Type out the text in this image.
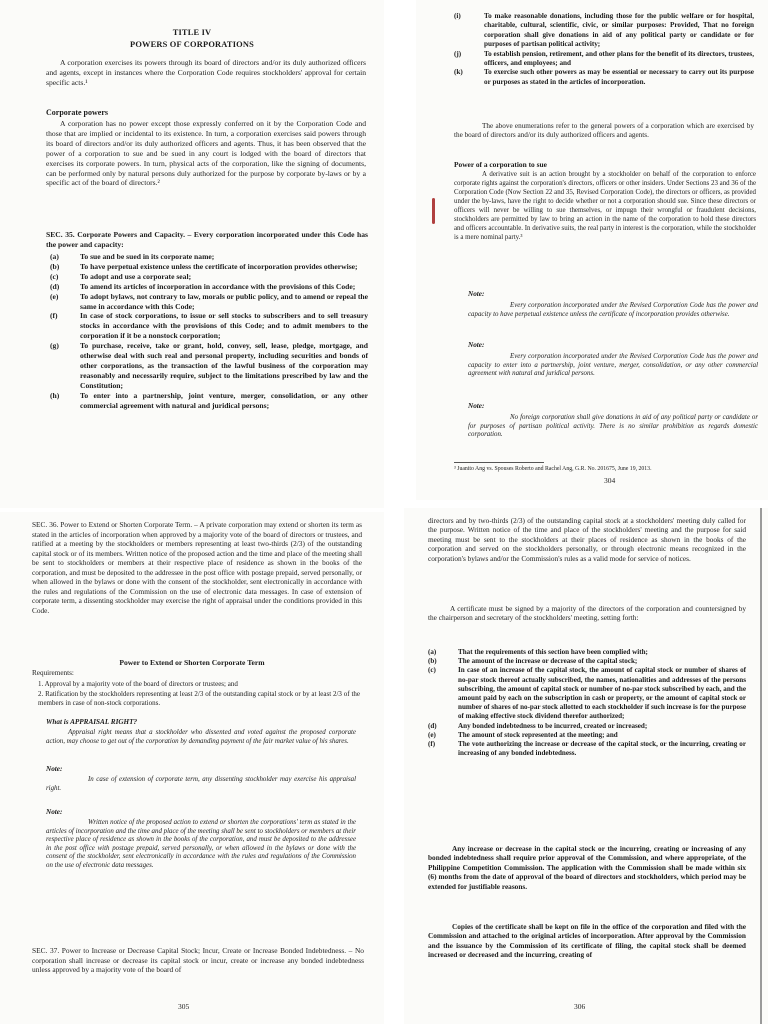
TITLE IV
POWERS OF CORPORATIONS
A corporation exercises its powers through its board of directors and/or its duly authorized officers and agents, except in instances where the Corporation Code requires stockholders' approval for certain specific acts.¹
Corporate powers
A corporation has no power except those expressly conferred on it by the Corporation Code and those that are implied or incidental to its existence. In turn, a corporation exercises said powers through its board of directors and/or its duly authorized officers and agents. Thus, it has been observed that the power of a corporation to sue and be sued in any court is lodged with the board of directors that exercises its corporate powers. In turn, physical acts of the corporation, like the signing of documents, can be performed only by natural persons duly authorized for the purpose by corporate by-laws or by a specific act of the board of directors.²
SEC. 35. Corporate Powers and Capacity. – Every corporation incorporated under this Code has the power and capacity:
(a)	To sue and be sued in its corporate name;
(b)	To have perpetual existence unless the certificate of incorporation provides otherwise;
(c)	To adopt and use a corporate seal;
(d)	To amend its articles of incorporation in accordance with the provisions of this Code;
(e)	To adopt bylaws, not contrary to law, morals or public policy, and to amend or repeal the same in accordance with this Code;
(f)	In case of stock corporations, to issue or sell stocks to subscribers and to sell treasury stocks in accordance with the provisions of this Code; and to admit members to the corporation if it be a nonstock corporation;
(g)	To purchase, receive, take or grant, hold, convey, sell, lease, pledge, mortgage, and otherwise deal with such real and personal property, including securities and bonds of other corporations, as the transaction of the lawful business of the corporation may reasonably and necessarily require, subject to the limitations prescribed by law and the Constitution;
(h)	To enter into a partnership, joint venture, merger, consolidation, or any other commercial agreement with natural and juridical persons;
(i)	To make reasonable donations, including those for the public welfare or for hospital, charitable, cultural, scientific, civic, or similar purposes: Provided, That no foreign corporation shall give donations in aid of any political party or candidate or for purposes of partisan political activity;
(j)	To establish pension, retirement, and other plans for the benefit of its directors, trustees, officers, and employees; and
(k)	To exercise such other powers as may be essential or necessary to carry out its purpose or purposes as stated in the articles of incorporation.
The above enumerations refer to the general powers of a corporation which are exercised by the board of directors and/or its duly authorized officers and agents.
Power of a corporation to sue
A derivative suit is an action brought by a stockholder on behalf of the corporation to enforce corporate rights against the corporation's directors, officers or other insiders. Under Sections 23 and 36 of the Corporation Code (Now Section 22 and 35, Revised Corporation Code), the directors or officers, as provided under the by-laws, have the right to decide whether or not a corporation should sue. Since these directors or officers will never be willing to sue themselves, or impugn their wrongful or fraudulent decisions, stockholders are permitted by law to bring an action in the name of the corporation to hold these directors and officers accountable. In derivative suits, the real party in interest is the corporation, while the stockholder is a mere nominal party.³
Note:
Every corporation incorporated under the Revised Corporation Code has the power and capacity to have perpetual existence unless the certificate of incorporation provides otherwise.
Note:
Every corporation incorporated under the Revised Corporation Code has the power and capacity to enter into a partnership, joint venture, merger, consolidation, or any other commercial agreement with natural and juridical persons.
Note:
No foreign corporation shall give donations in aid of any political party or candidate or for purposes of partisan political activity. There is no similar prohibition as regards domestic corporation.
³ Juanito Ang vs. Spouses Roberto and Rachel Ang, G.R. No. 201675, June 19, 2013.
304
SEC. 36. Power to Extend or Shorten Corporate Term. – A private corporation may extend or shorten its term as stated in the articles of incorporation when approved by a majority vote of the board of directors or trustees, and ratified at a meeting by the stockholders or members representing at least two-thirds (2/3) of the outstanding capital stock or of its members. Written notice of the proposed action and the time and place of the meeting shall be sent to stockholders or members at their respective place of residence as shown in the books of the corporation, and must be deposited to the addressee in the post office with postage prepaid, served personally, or when allowed in the bylaws or done with the consent of the stockholder, sent electronically in accordance with the rules and regulations of the Commission on the use of electronic data messages. In case of extension of corporate term, a dissenting stockholder may exercise the right of appraisal under the conditions provided in this Code.
Power to Extend or Shorten Corporate Term
Requirements:
1. Approval by a majority vote of the board of directors or trustees; and
2. Ratification by the stockholders representing at least 2/3 of the outstanding capital stock or by at least 2/3 of the members in case of non-stock corporations.
What is APPRAISAL RIGHT?
Appraisal right means that a stockholder who dissented and voted against the proposed corporate action, may choose to get out of the corporation by demanding payment of the fair market value of his shares.
Note:
In case of extension of corporate term, any dissenting stockholder may exercise his appraisal right.
Note:
Written notice of the proposed action to extend or shorten the corporations' term as stated in the articles of incorporation and the time and place of the meeting shall be sent to stockholders or members at their respective place of residence as shown in the books of the corporation, and must be deposited to the addressee in the post office with postage prepaid, served personally, or when allowed in the bylaws or done with the consent of the stockholder, sent electronically in accordance with the rules and regulations of the Commission on the use of electronic data messages.
SEC. 37. Power to Increase or Decrease Capital Stock; Incur, Create or Increase Bonded Indebtedness. – No corporation shall increase or decrease its capital stock or incur, create or increase any bonded indebtedness unless approved by a majority vote of the board of
305
directors and by two-thirds (2/3) of the outstanding capital stock at a stockholders' meeting duly called for the purpose. Written notice of the time and place of the stockholders' meeting and the purpose for said meeting must be sent to the stockholders at their places of residence as shown in the books of the corporation and served on the stockholders personally, or through electronic means recognized in the corporation's bylaws and/or the Commission's rules as a valid mode for service of notices.
A certificate must be signed by a majority of the directors of the corporation and countersigned by the chairperson and secretary of the stockholders' meeting, setting forth:
(a)	That the requirements of this section have been complied with;
(b)	The amount of the increase or decrease of the capital stock;
(c)	In case of an increase of the capital stock, the amount of capital stock or number of shares of no-par stock thereof actually subscribed, the names, nationalities and addresses of the persons subscribing, the amount of capital stock or number of no-par stock subscribed by each, and the amount paid by each on the subscription in cash or property, or the amount of capital stock or number of shares of no-par stock allotted to each stockholder if such increase is for the purpose of making effective stock dividend therefor authorized;
(d)	Any bonded indebtedness to be incurred, created or increased;
(e)	The amount of stock represented at the meeting; and
(f)	The vote authorizing the increase or decrease of the capital stock, or the incurring, creating or increasing of any bonded indebtedness.
Any increase or decrease in the capital stock or the incurring, creating or increasing of any bonded indebtedness shall require prior approval of the Commission, and where appropriate, of the Philippine Competition Commission. The application with the Commission shall be made within six (6) months from the date of approval of the board of directors and stockholders, which period may be extended for justifiable reasons.
Copies of the certificate shall be kept on file in the office of the corporation and filed with the Commission and attached to the original articles of incorporation. After approval by the Commission and the issuance by the Commission of its certificate of filing, the capital stock shall be deemed increased or decreased and the incurring, creating of
306
